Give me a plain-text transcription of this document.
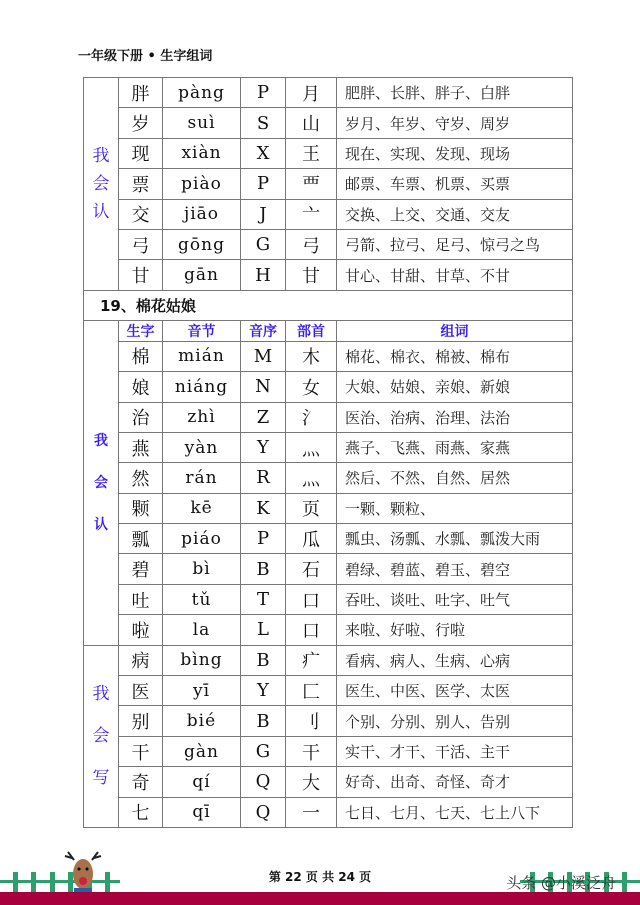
一年级下册 • 生字组词
我
会
认	胖	pàng	P	月	肥胖、长胖、胖子、白胖
	岁	suì	S	山	岁月、年岁、守岁、周岁
	现	xiàn	X	王	现在、实现、发现、现场
	票	piào	P	覀	邮票、车票、机票、买票
	交	jiāo	J	亠	交换、上交、交通、交友
	弓	gōng	G	弓	弓箭、拉弓、足弓、惊弓之鸟
	甘	gān	H	甘	甘心、甘甜、甘草、不甘
19、棉花姑娘					

我
会
认	生字	音节	音序	部首	组词
	棉	mián	M	木	棉花、棉衣、棉被、棉布
	娘	niáng	N	女	大娘、姑娘、亲娘、新娘
	治	zhì	Z	氵	医治、治病、治理、法治
	燕	yàn	Y	灬	燕子、飞燕、雨燕、家燕
	然	rán	R	灬	然后、不然、自然、居然
	颗	kē	K	页	一颗、颗粒、
	瓢	piáo	P	瓜	瓢虫、汤瓢、水瓢、瓢泼大雨
	碧	bì	B	石	碧绿、碧蓝、碧玉、碧空
	吐	tǔ	T	口	吞吐、谈吐、吐字、吐气
	啦	la	L	口	来啦、好啦、行啦

我
会
写	病	bìng	B	疒	看病、病人、生病、心病
	医	yī	Y	匚	医生、中医、医学、太医
	别	bié	B	刂	个别、分别、别人、告别
	干	gàn	G	干	实干、才干、干活、主干
	奇	qí	Q	大	好奇、出奇、奇怪、奇才
	七	qī	Q	一	七日、七月、七天、七上八下
第 22 页 共 24 页	头条 @小溪泛舟
